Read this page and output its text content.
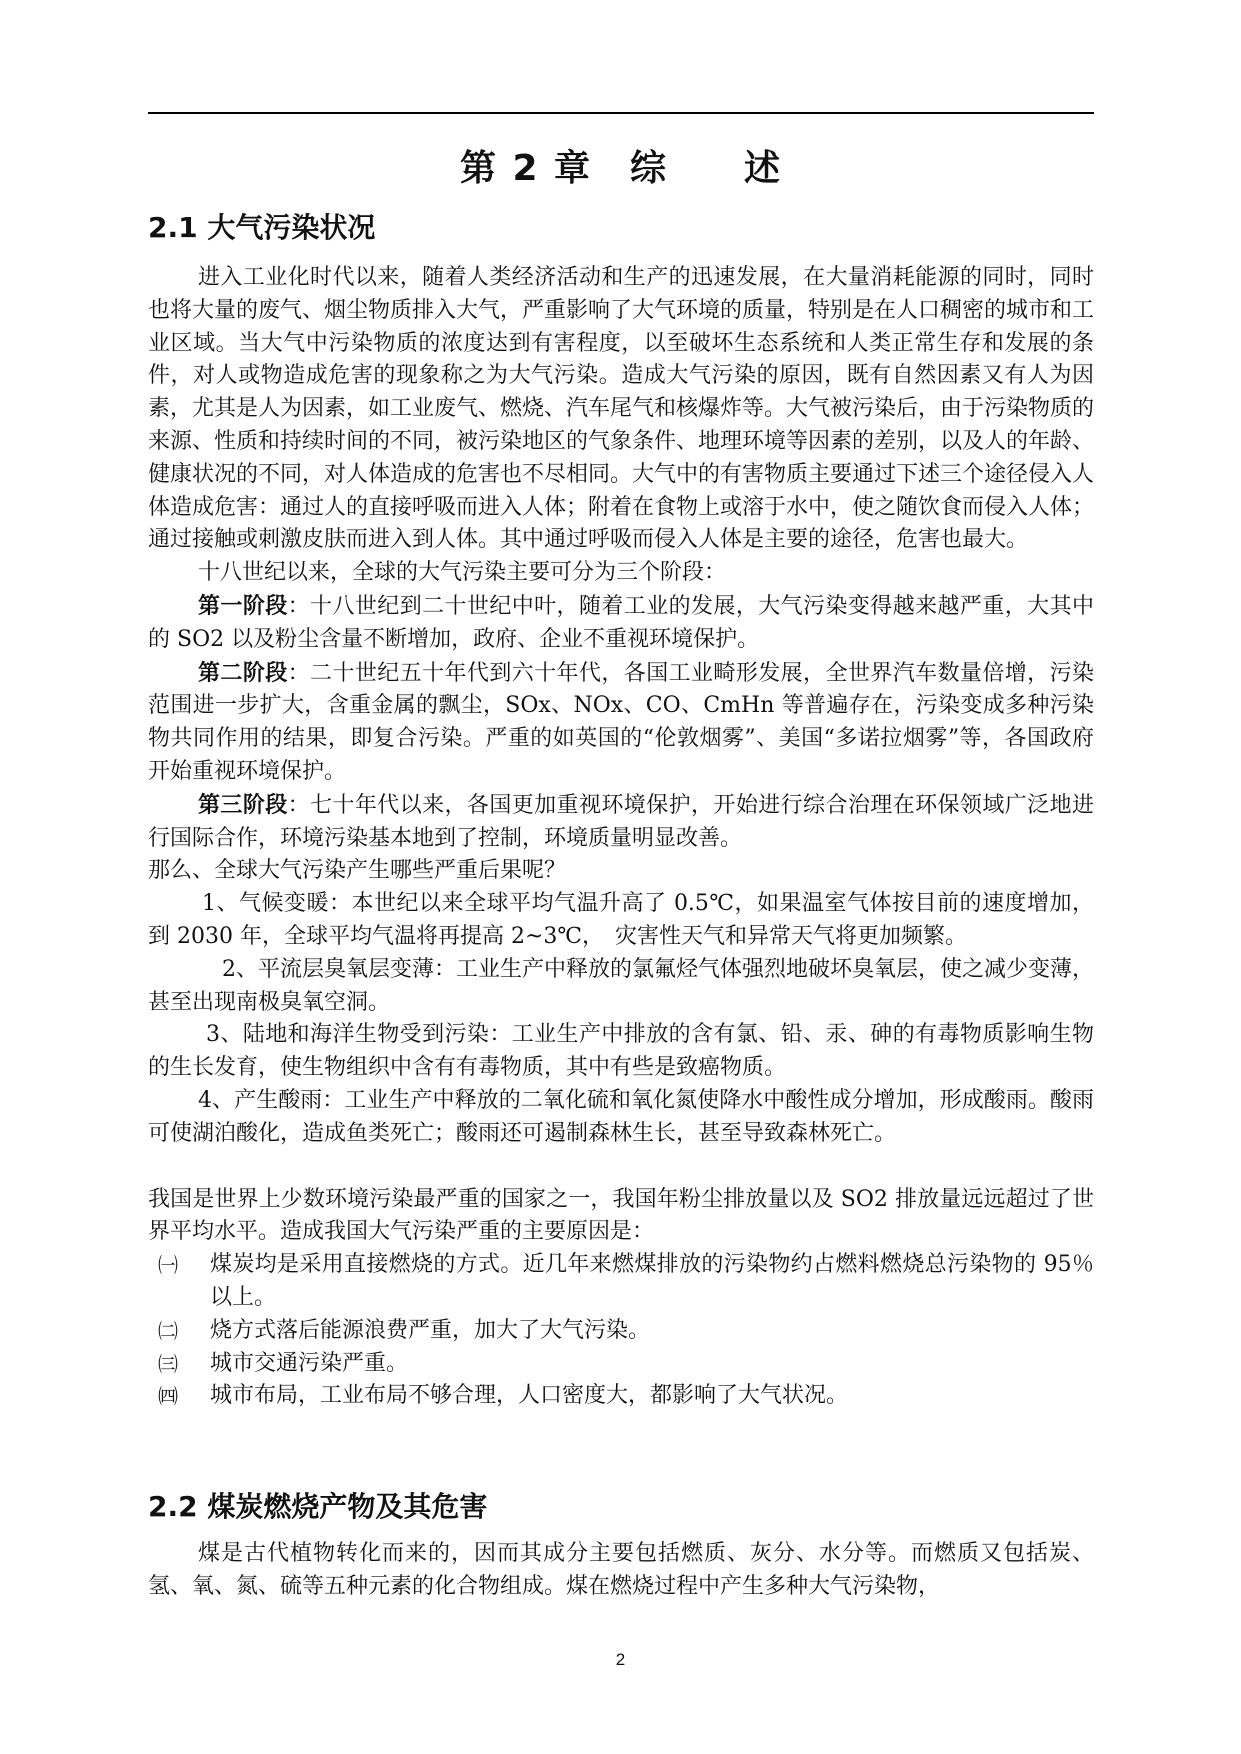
第 2 章　综　　述
2.1 大气污染状况

进入工业化时代以来，随着人类经济活动和生产的迅速发展，在大量消耗能源的同时，同时也将大量的废气、烟尘物质排入大气，严重影响了大气环境的质量，特别是在人口稠密的城市和工业区域。当大气中污染物质的浓度达到有害程度，以至破坏生态系统和人类正常生存和发展的条件，对人或物造成危害的现象称之为大气污染。造成大气污染的原因，既有自然因素又有人为因素，尤其是人为因素，如工业废气、燃烧、汽车尾气和核爆炸等。大气被污染后，由于污染物质的来源、性质和持续时间的不同，被污染地区的气象条件、地理环境等因素的差别，以及人的年龄、健康状况的不同，对人体造成的危害也不尽相同。大气中的有害物质主要通过下述三个途径侵入人体造成危害：通过人的直接呼吸而进入人体；附着在食物上或溶于水中，使之随饮食而侵入人体；通过接触或刺激皮肤而进入到人体。其中通过呼吸而侵入人体是主要的途径，危害也最大。

十八世纪以来，全球的大气污染主要可分为三个阶段：

第一阶段：十八世纪到二十世纪中叶，随着工业的发展，大气污染变得越来越严重，大其中的 SO2 以及粉尘含量不断增加，政府、企业不重视环境保护。

第二阶段：二十世纪五十年代到六十年代，各国工业畸形发展，全世界汽车数量倍增，污染范围进一步扩大，含重金属的飘尘，SOx、NOx、CO、CmHn 等普遍存在，污染变成多种污染物共同作用的结果，即复合污染。严重的如英国的“伦敦烟雾”、美国“多诺拉烟雾”等，各国政府开始重视环境保护。

第三阶段：七十年代以来，各国更加重视环境保护，开始进行综合治理在环保领域广泛地进行国际合作，环境污染基本地到了控制，环境质量明显改善。

那么、全球大气污染产生哪些严重后果呢？

1、气候变暖：本世纪以来全球平均气温升高了 0.5℃，如果温室气体按目前的速度增加，到 2030 年，全球平均气温将再提高 2~3℃，　灾害性天气和异常天气将更加频繁。

2、平流层臭氧层变薄：工业生产中释放的氯氟烃气体强烈地破坏臭氧层，使之减少变薄，甚至出现南极臭氧空洞。

3、陆地和海洋生物受到污染：工业生产中排放的含有氯、铅、汞、砷的有毒物质影响生物的生长发育，使生物组织中含有有毒物质，其中有些是致癌物质。

4、产生酸雨：工业生产中释放的二氧化硫和氧化氮使降水中酸性成分增加，形成酸雨。酸雨可使湖泊酸化，造成鱼类死亡；酸雨还可遏制森林生长，甚至导致森林死亡。

我国是世界上少数环境污染最严重的国家之一，我国年粉尘排放量以及 SO2 排放量远远超过了世界平均水平。造成我国大气污染严重的主要原因是：

㈠ 煤炭均是采用直接燃烧的方式。近几年来燃煤排放的污染物约占燃料燃烧总污染物的 95％以上。

㈡ 烧方式落后能源浪费严重，加大了大气污染。

㈢ 城市交通污染严重。

㈣ 城市布局，工业布局不够合理，人口密度大，都影响了大气状况。

2.2 煤炭燃烧产物及其危害

煤是古代植物转化而来的，因而其成分主要包括燃质、灰分、水分等。而燃质又包括炭、氢、氧、氮、硫等五种元素的化合物组成。煤在燃烧过程中产生多种大气污染物，

2
